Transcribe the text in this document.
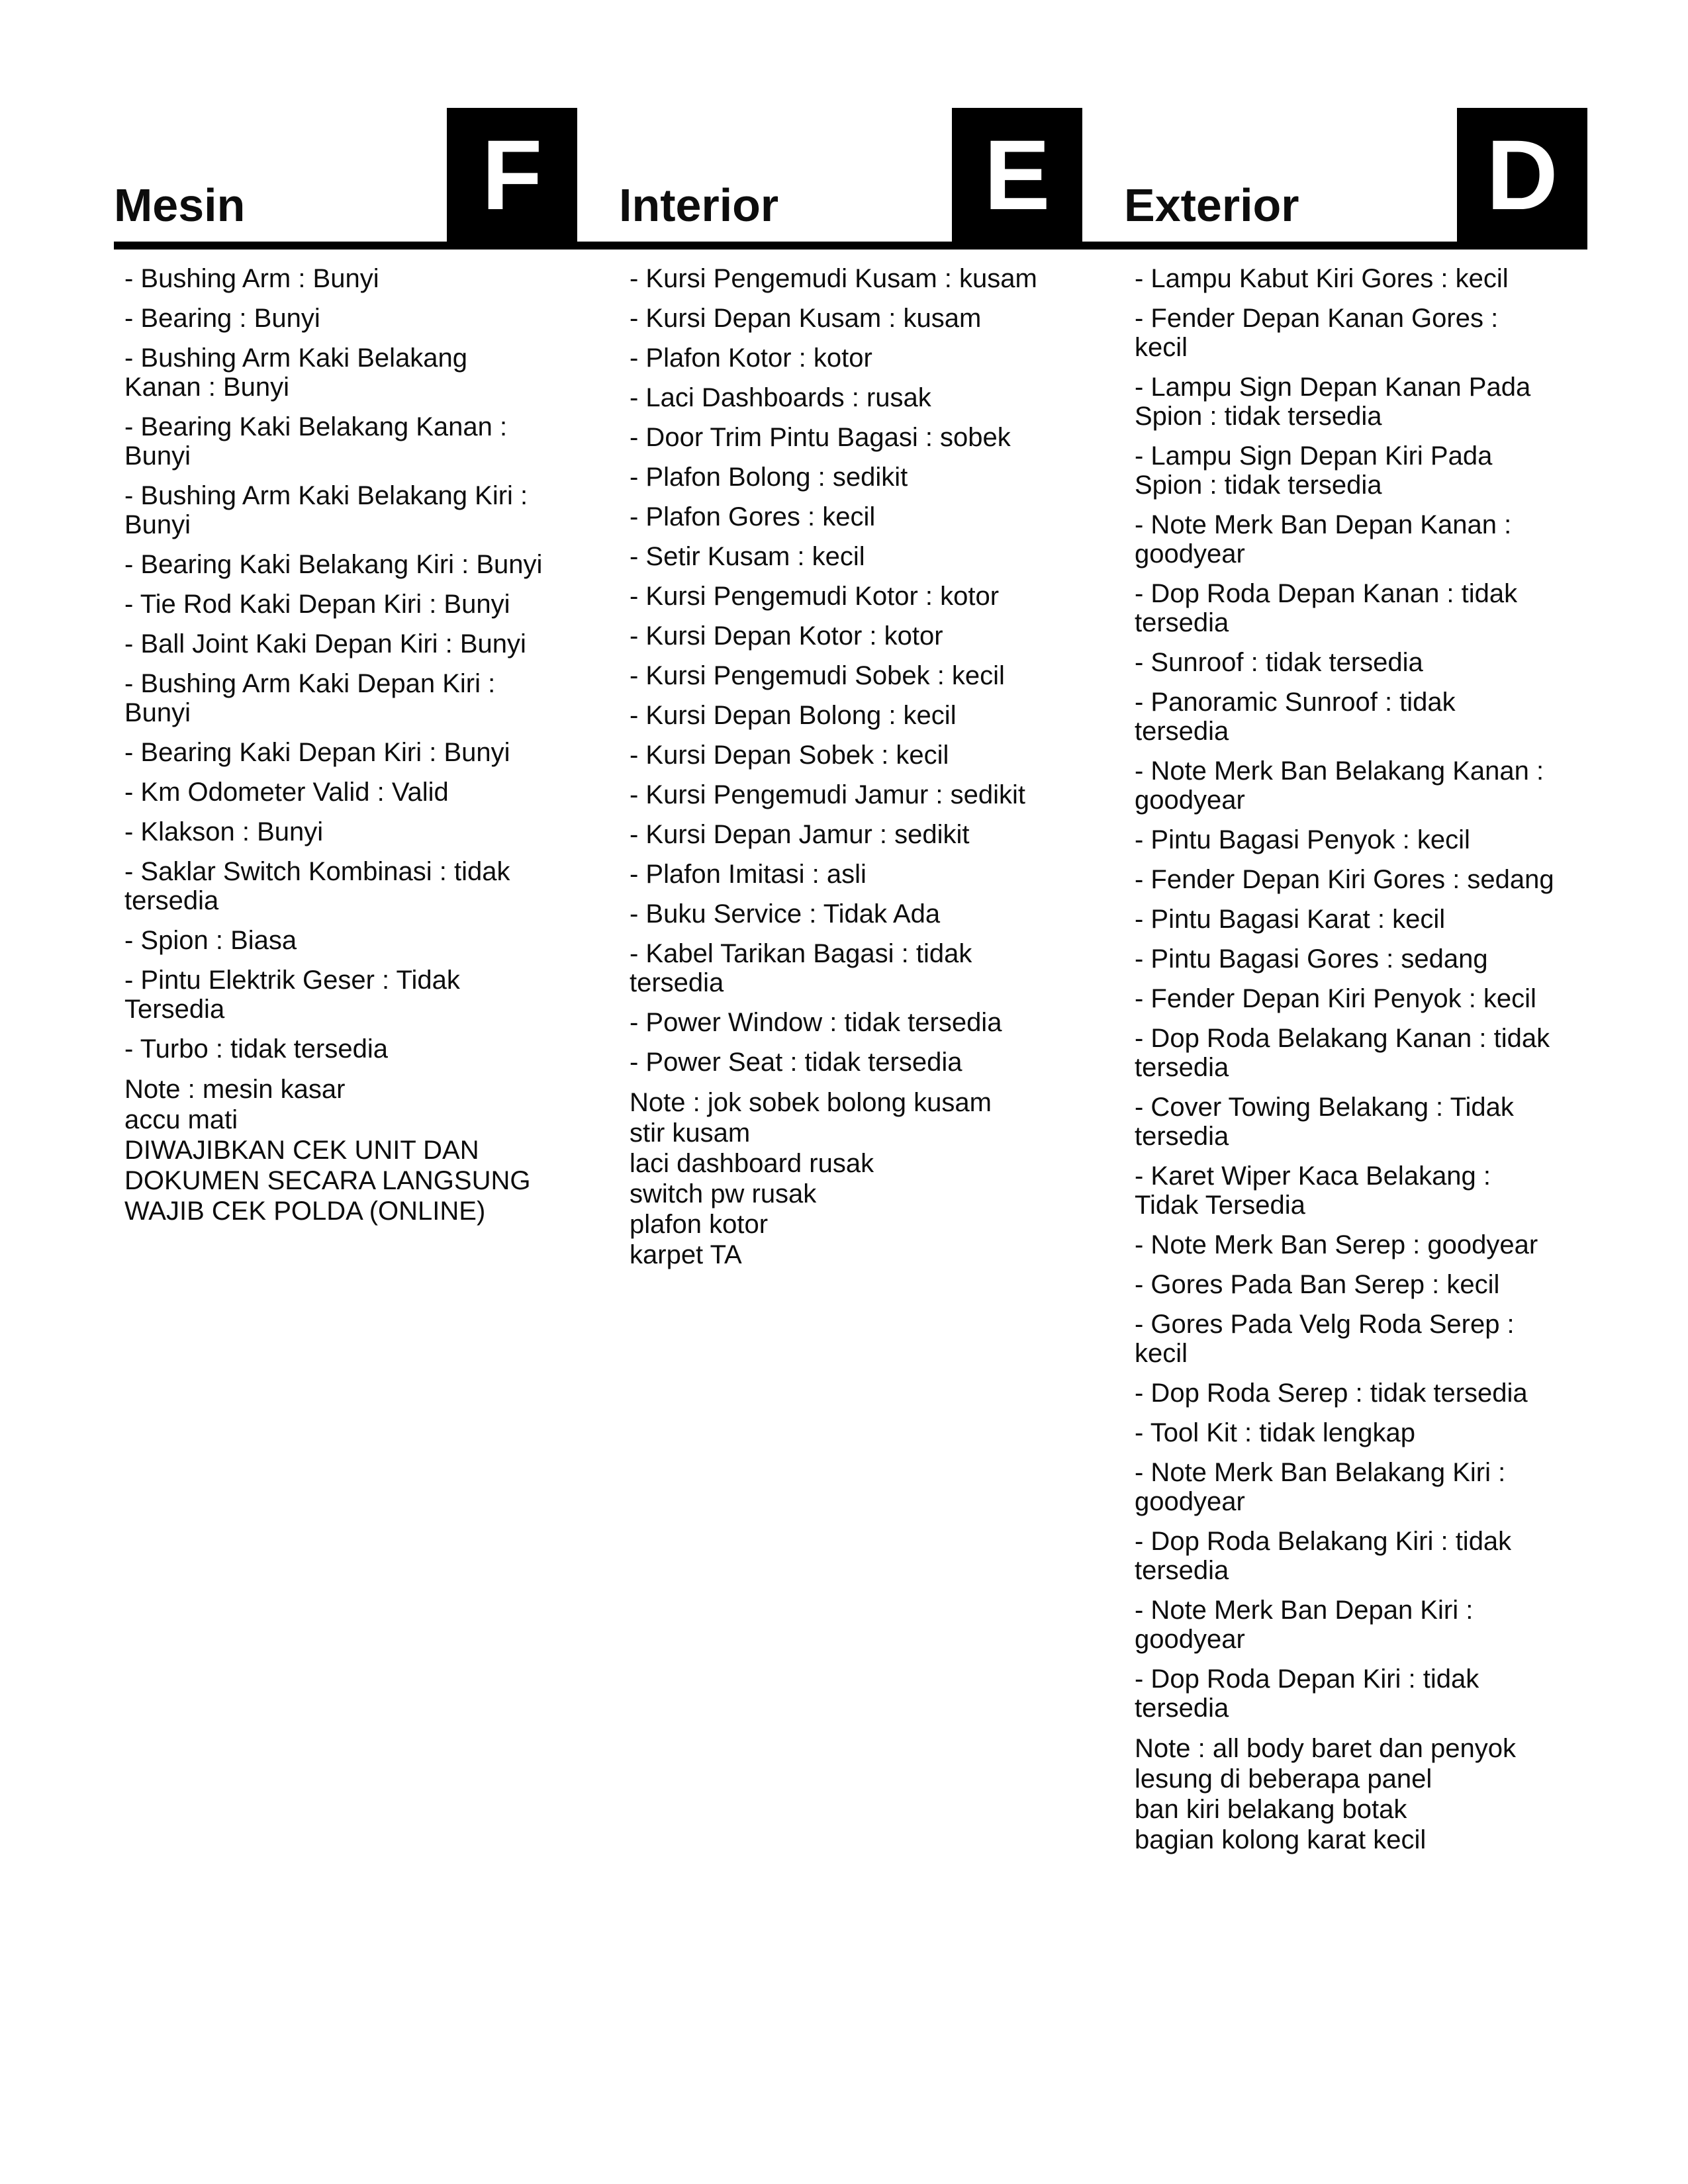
Mesin F Interior E Exterior D
- Bushing Arm : Bunyi
- Bearing : Bunyi
- Bushing Arm Kaki Belakang
Kanan : Bunyi
- Bearing Kaki Belakang Kanan :
Bunyi
- Bushing Arm Kaki Belakang Kiri :
Bunyi
- Bearing Kaki Belakang Kiri : Bunyi
- Tie Rod Kaki Depan Kiri : Bunyi
- Ball Joint Kaki Depan Kiri : Bunyi
- Bushing Arm Kaki Depan Kiri :
Bunyi
- Bearing Kaki Depan Kiri : Bunyi
- Km Odometer Valid : Valid
- Klakson : Bunyi
- Saklar Switch Kombinasi : tidak
tersedia
- Spion : Biasa
- Pintu Elektrik Geser : Tidak
Tersedia
- Turbo : tidak tersedia
Note : mesin kasar
accu mati
DIWAJIBKAN CEK UNIT DAN
DOKUMEN SECARA LANGSUNG
WAJIB CEK POLDA (ONLINE)
- Kursi Pengemudi Kusam : kusam
- Kursi Depan Kusam : kusam
- Plafon Kotor : kotor
- Laci Dashboards : rusak
- Door Trim Pintu Bagasi : sobek
- Plafon Bolong : sedikit
- Plafon Gores : kecil
- Setir Kusam : kecil
- Kursi Pengemudi Kotor : kotor
- Kursi Depan Kotor : kotor
- Kursi Pengemudi Sobek : kecil
- Kursi Depan Bolong : kecil
- Kursi Depan Sobek : kecil
- Kursi Pengemudi Jamur : sedikit
- Kursi Depan Jamur : sedikit
- Plafon Imitasi : asli
- Buku Service : Tidak Ada
- Kabel Tarikan Bagasi : tidak
tersedia
- Power Window : tidak tersedia
- Power Seat : tidak tersedia
Note : jok sobek bolong kusam
stir kusam
laci dashboard rusak
switch pw rusak
plafon kotor
karpet TA
- Lampu Kabut Kiri Gores : kecil
- Fender Depan Kanan Gores :
kecil
- Lampu Sign Depan Kanan Pada
Spion : tidak tersedia
- Lampu Sign Depan Kiri Pada
Spion : tidak tersedia
- Note Merk Ban Depan Kanan :
goodyear
- Dop Roda Depan Kanan : tidak
tersedia
- Sunroof : tidak tersedia
- Panoramic Sunroof : tidak
tersedia
- Note Merk Ban Belakang Kanan :
goodyear
- Pintu Bagasi Penyok : kecil
- Fender Depan Kiri Gores : sedang
- Pintu Bagasi Karat : kecil
- Pintu Bagasi Gores : sedang
- Fender Depan Kiri Penyok : kecil
- Dop Roda Belakang Kanan : tidak
tersedia
- Cover Towing Belakang : Tidak
tersedia
- Karet Wiper Kaca Belakang :
Tidak Tersedia
- Note Merk Ban Serep : goodyear
- Gores Pada Ban Serep : kecil
- Gores Pada Velg Roda Serep :
kecil
- Dop Roda Serep : tidak tersedia
- Tool Kit : tidak lengkap
- Note Merk Ban Belakang Kiri :
goodyear
- Dop Roda Belakang Kiri : tidak
tersedia
- Note Merk Ban Depan Kiri :
goodyear
- Dop Roda Depan Kiri : tidak
tersedia
Note : all body baret dan penyok
lesung di beberapa panel
ban kiri belakang botak
bagian kolong karat kecil
